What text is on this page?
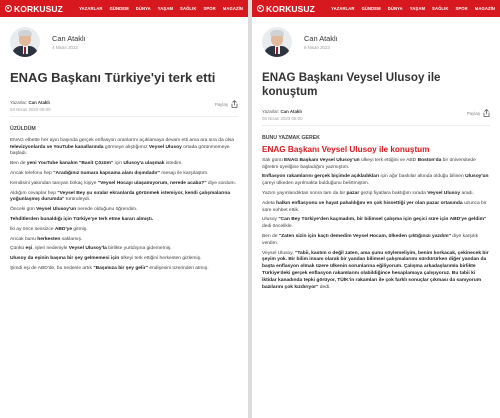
KORKUSUZ	YAZARLAR GÜNDEM DÜNYA YAŞAM SAĞLIK SPOR MAGAZİN
Can Ataklı
4 Nisan 2023
ENAG Başkanı Türkiye'yi terk etti
Yazarlar: Can Ataklı
04 Nisan 2023 05:00
Paylaş

ÜZÜLDÜM

ENAG elbette her ayın başında gerçek enflasyon oranlarını açıklamaya devam etti ama ara sıra da olsa televizyonlarda ve YouTube kanallarında görmeye alıştığımız Veysel Ulusoy ortada görünmemeye başladı.

Ben de yeni YouTube kanalım "Basit Çözüm" için Ulusoy'a ulaşmak istedim.

Ancak telefonu hep "Aradığınız numara kapsama alanı dışındadır" mesajı ile karşılaştım.

Kendisini yakından tanıyan birkaç kişiye "Veysel Hocayı ulaşamıyorum, nerede acaba?" diye sordum.

Aldığım cevaplar hep "Veysel Bey şu sıralar ekranlarda görünmek istemiyor, kendi çalışmalarına yoğunlaşmış durumda" türündeydi.

Önceki gün Veysel Ulusoy'un nerede olduğunu öğrendim.

Tehditlerden bunaldığı için Türkiye'ye terk etme kararı almıştı.

İki ay önce sessizce ABD'ye gitmiş.

Ancak bunu herkesten saklamış.

Çünkü eşi, işleri nedeniyle Veysel Ulusoy'la birlikte yurtdışına gidememiş.

Ulusoy da eşinin başına bir şey gelmemesi için ülkeyi terk ettiğini herkesten gizlemiş.

Şimdi eşi de ABD'de, bu nedenle artık "Başımıza bir şey gelir" endişesini üzerinden atmış.

KORKUSUZ	YAZARLAR GÜNDEM DÜNYA YAŞAM SAĞLIK SPOR MAGAZİN
Can Ataklı
6 Nisan 2023
ENAG Başkanı Veysel Ulusoy ile konuştum
Yazarlar: Can Ataklı
06 Nisan 2023 05:00
Paylaş

BUNU YAZMAK GEREK

ENAG Başkanı Veysel Ulusoy ile konuştum

Salı günü ENAG Başkanı Veysel Ulusoy'un ülkeyi terk ettiğini ve ABD Boston'da bir üniversitede öğretim üyeliğine başladığını yazmıştım.

Enflasyon rakamlarını gerçek biçimde açıkladıkları için ağır baskılar altında olduğu bilinen Ulusoy'un çareyi ülkeden ayrılmakta bulduğunu belirtmiştim.

Yazım yayınlandıktan sonra tam da bir pazar gezip fiyatlara baktığım sırada Veysel Ulusoy aradı.

Adeta halkın enflasyonu ve hayat pahalılığını en çok hissettiği yer olan pazar ortasında uzunca bir süre sohbet ettik.

Ulusoy "Can Bey Türkiye'den kaçmadım, bir bilimsel çalışma için geçici süre için ABD'ye geldim" dedi öncelikle.

Ben de "Zaten sizin için kaçtı demedim Veysel Hocam, ülkeden çıktığınızı yazdım" diye karşılık verdim.

Veysel Ulusoy, "Tabii, kastım o değil zaten, ama şunu söylemeliyim, benim korkacak, çekinecek bir şeyim yok. Bir bilim insanı olarak bir yandan bilimsel çalışmalarımı sürdürürken diğer yandan da başta enflasyon olmak üzere ülkenin sorunlarına eğiliyorum. Çalışma arkadaşlarımla birlikte Türkiye'deki gerçek enflasyon rakamlarını olabildiğince hesaplamaya çalışıyoruz. Bu tabii ki iktidar kanadında tepki görüyor, TÜİK'in rakamları ile çok farklı sonuçlar çıkması da sanıyorum bazılarını çok kızdırıyor" dedi.
